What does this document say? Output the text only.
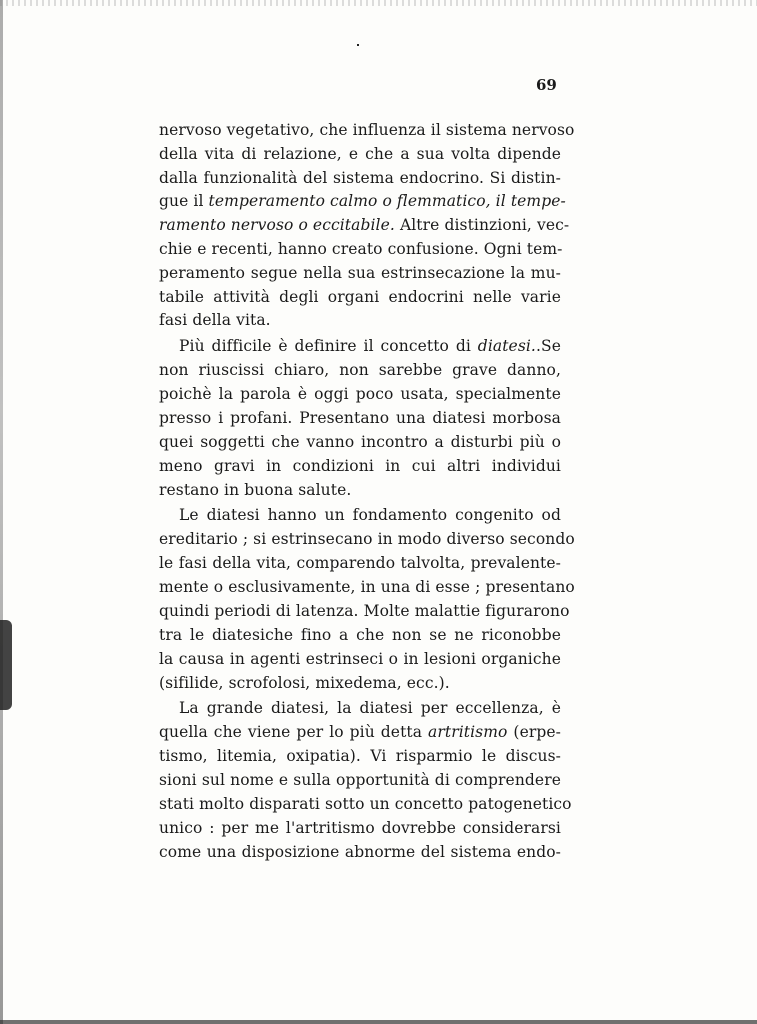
69
nervoso vegetativo, che influenza il sistema nervoso
della vita di relazione, e che a sua volta dipende
dalla funzionalità del sistema endocrino. Si distin-
gue il temperamento calmo o flemmatico, il tempe-
ramento nervoso o eccitabile. Altre distinzioni, vec-
chie e recenti, hanno creato confusione. Ogni tem-
peramento segue nella sua estrinsecazione la mu-
tabile attività degli organi endocrini nelle varie
fasi della vita.
Più difficile è definire il concetto di diatesi..Se
non riuscissi chiaro, non sarebbe grave danno,
poichè la parola è oggi poco usata, specialmente
presso i profani. Presentano una diatesi morbosa
quei soggetti che vanno incontro a disturbi più o
meno gravi in condizioni in cui altri individui
restano in buona salute.
Le diatesi hanno un fondamento congenito od
ereditario ; si estrinsecano in modo diverso secondo
le fasi della vita, comparendo talvolta, prevalente-
mente o esclusivamente, in una di esse ; presentano
quindi periodi di latenza. Molte malattie figurarono
tra le diatesiche fino a che non se ne riconobbe
la causa in agenti estrinseci o in lesioni organiche
(sifilide, scrofolosi, mixedema, ecc.).
La grande diatesi, la diatesi per eccellenza, è
quella che viene per lo più detta artritismo (erpe-
tismo, litemia, oxipatia). Vi risparmio le discus-
sioni sul nome e sulla opportunità di comprendere
stati molto disparati sotto un concetto patogenetico
unico : per me l'artritismo dovrebbe considerarsi
come una disposizione abnorme del sistema endo-
